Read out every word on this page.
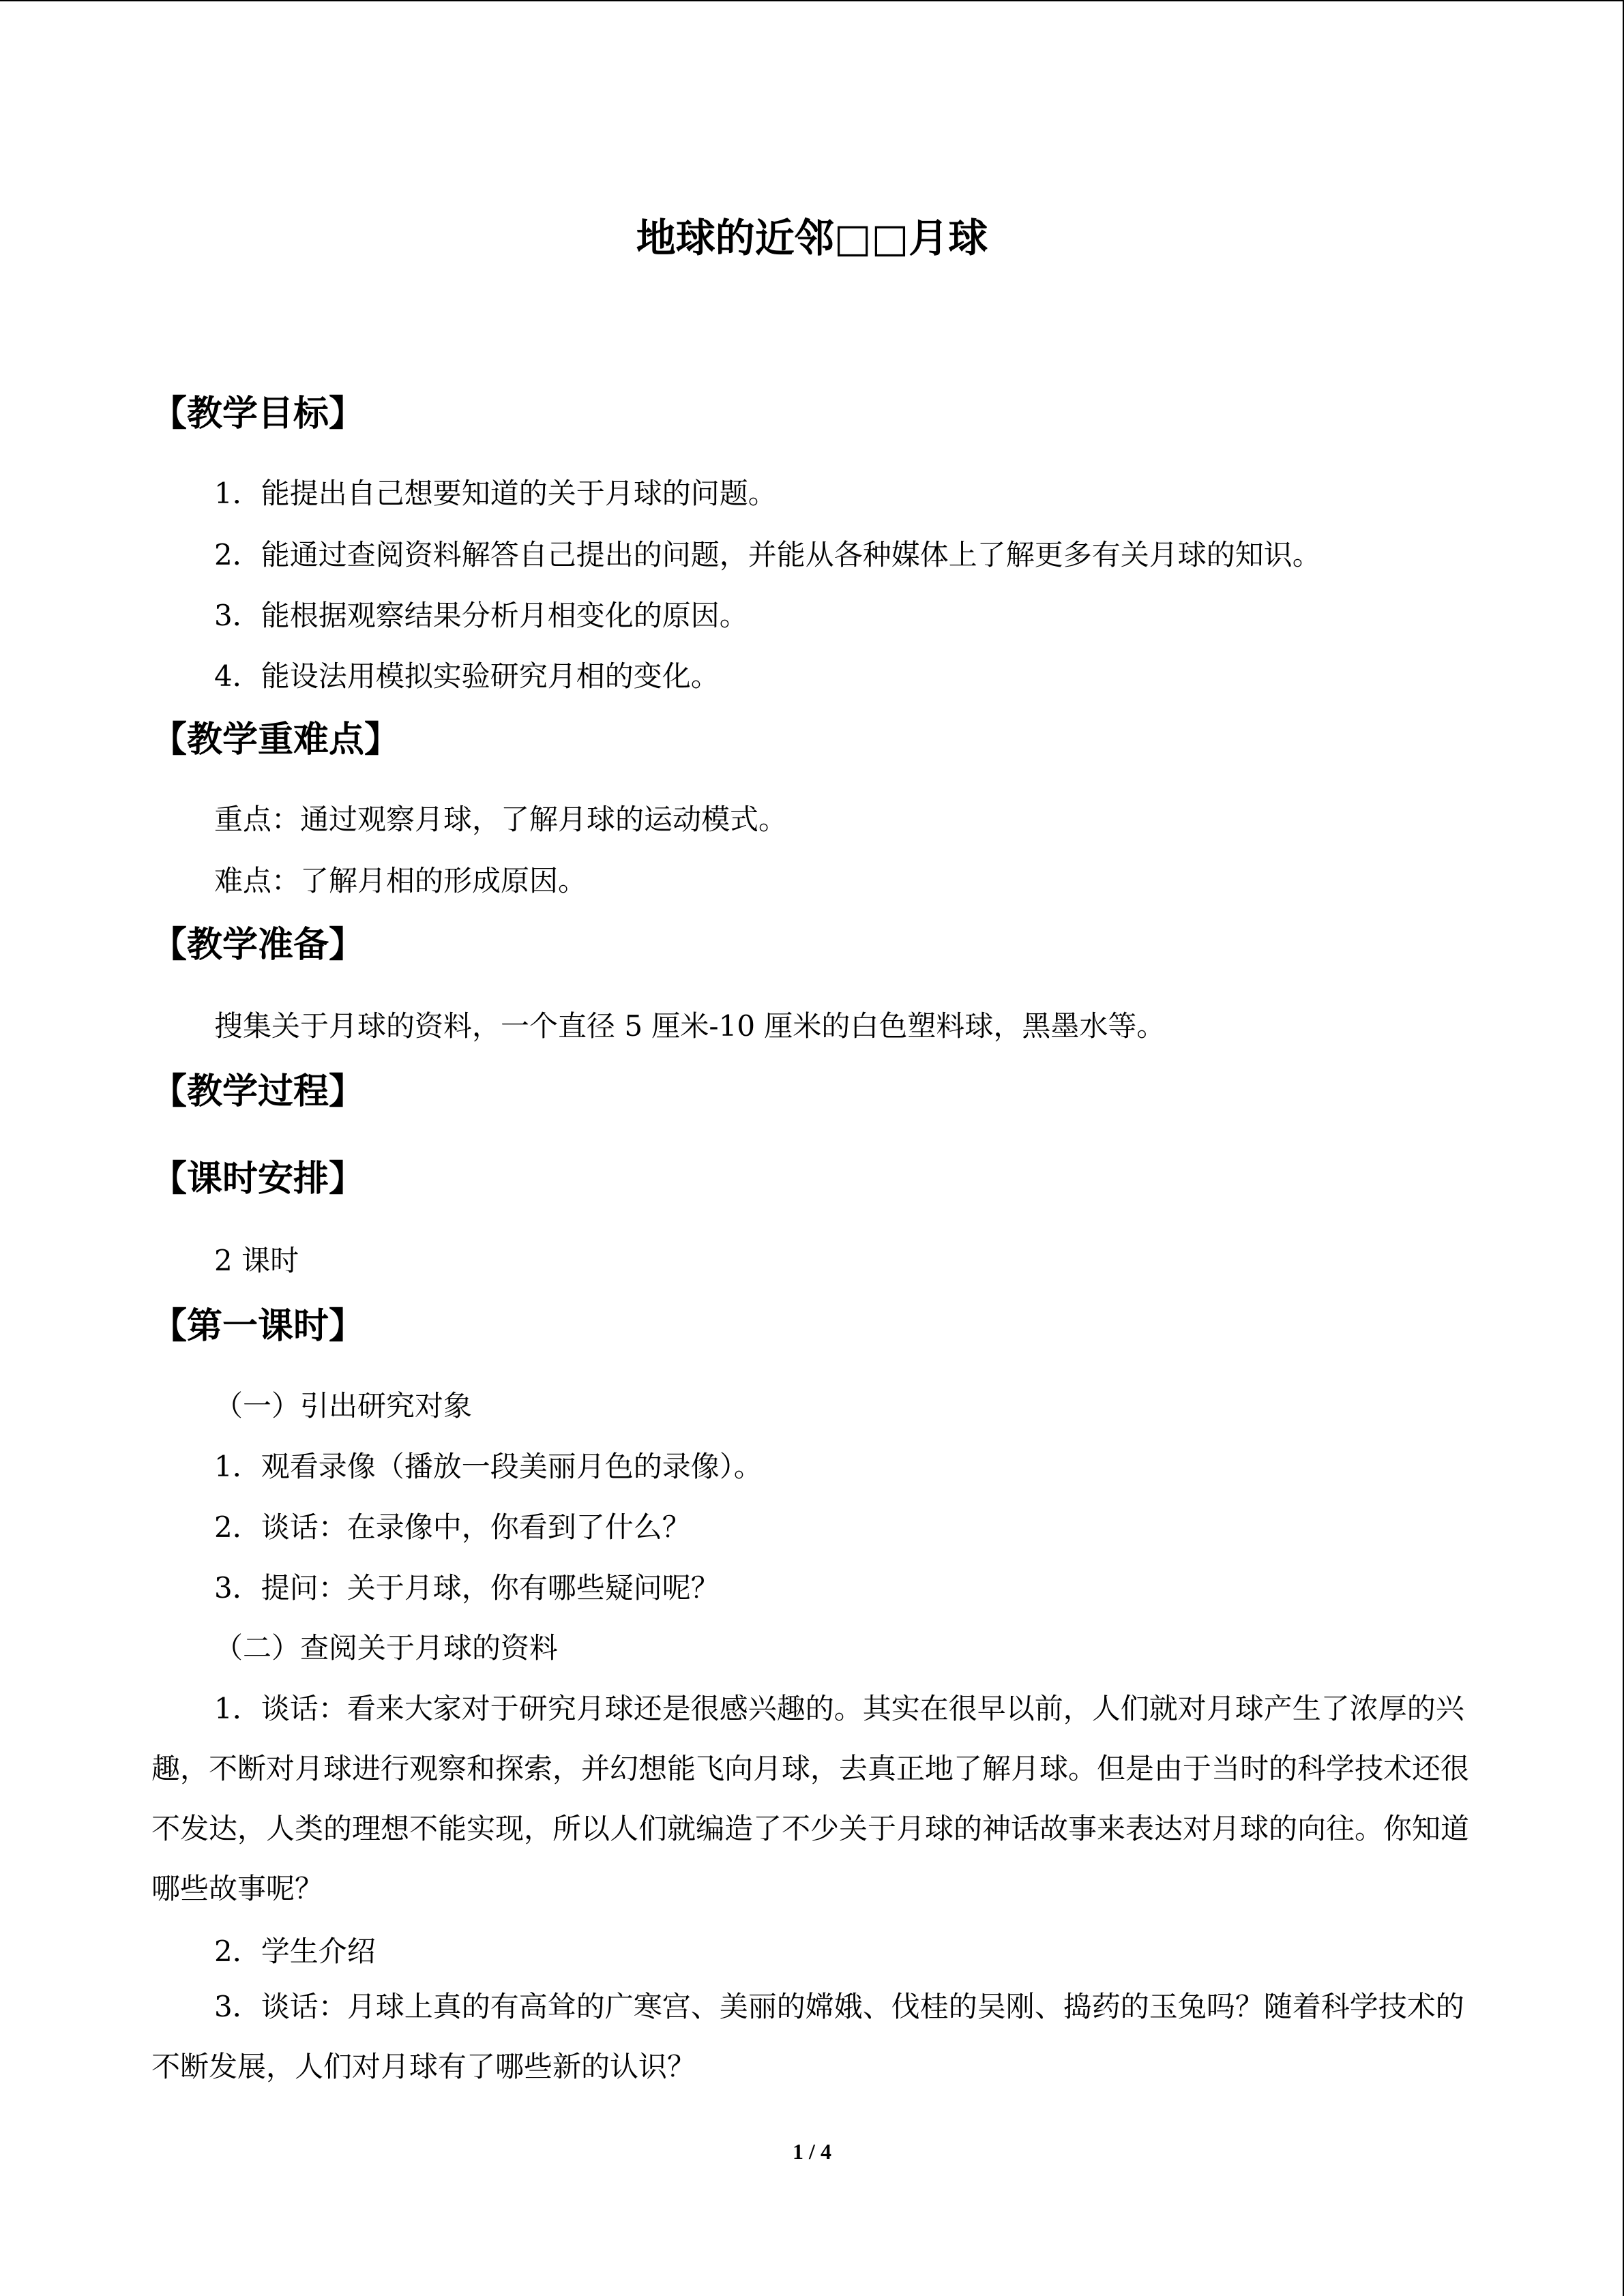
地球的近邻□□月球
【教学目标】
1．能提出自己想要知道的关于月球的问题。
2．能通过查阅资料解答自己提出的问题，并能从各种媒体上了解更多有关月球的知识。
3．能根据观察结果分析月相变化的原因。
4．能设法用模拟实验研究月相的变化。
【教学重难点】
重点：通过观察月球，了解月球的运动模式。
难点：了解月相的形成原因。
【教学准备】
搜集关于月球的资料，一个直径 5 厘米-10 厘米的白色塑料球，黑墨水等。
【教学过程】
【课时安排】
2 课时
【第一课时】
（一）引出研究对象
1．观看录像（播放一段美丽月色的录像）。
2．谈话：在录像中，你看到了什么？
3．提问：关于月球，你有哪些疑问呢？
（二）查阅关于月球的资料
1．谈话：看来大家对于研究月球还是很感兴趣的。其实在很早以前，人们就对月球产生了浓厚的兴趣，不断对月球进行观察和探索，并幻想能飞向月球，去真正地了解月球。但是由于当时的科学技术还很不发达，人类的理想不能实现，所以人们就编造了不少关于月球的神话故事来表达对月球的向往。你知道哪些故事呢？
2．学生介绍
3．谈话：月球上真的有高耸的广寒宫、美丽的嫦娥、伐桂的吴刚、捣药的玉兔吗？随着科学技术的不断发展，人们对月球有了哪些新的认识？
1 / 4
